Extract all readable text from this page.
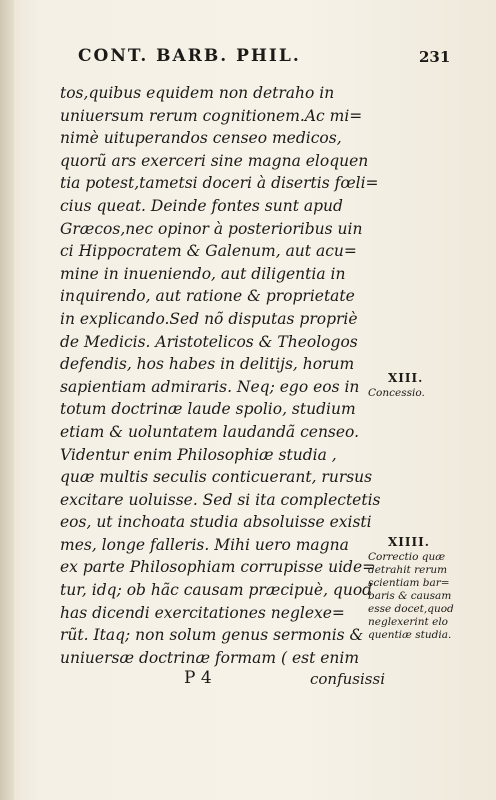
CONT. BARB. PHIL.	231
tos,quibus equidem non detraho in
uniuersum rerum cognitionem.Ac mi=
nimè uituperandos censeo medicos,
quorũ ars exerceri sine magna eloquen
tia potest,tametsi doceri à disertis fœli=
cius queat. Deinde fontes sunt apud
Græcos,nec opinor à posterioribus uin
ci Hippocratem & Galenum, aut acu=
mine in inueniendo, aut diligentia in
inquirendo, aut ratione & proprietate
in explicando.Sed nõ disputas propriè
de Medicis. Aristotelicos & Theologos
defendis, hos habes in delitijs, horum
sapientiam admiraris. Neq; ego eos in
totum doctrinæ laude spolio, studium
etiam & uoluntatem laudandã censeo.
Videntur enim Philosophiæ studia ,
quæ multis seculis conticuerant, rursus
excitare uoluisse. Sed si ita complectetis
eos, ut inchoata studia absoluisse existi
mes, longe falleris. Mihi uero magna
ex parte Philosophiam corrupisse uide=
tur, idq; ob hãc causam præcipuè, quod
has dicendi exercitationes neglexe=
rũt. Itaq; non solum genus sermonis &
uniuersæ doctrinæ formam ( est enim
XIII.
Concessio.
XIIII.
Correctio quæ
detrahit rerum
scientiam bar=
baris & causam
esse docet,quod
neglexerint elo
quentiæ studia.
P 4	confusissi
